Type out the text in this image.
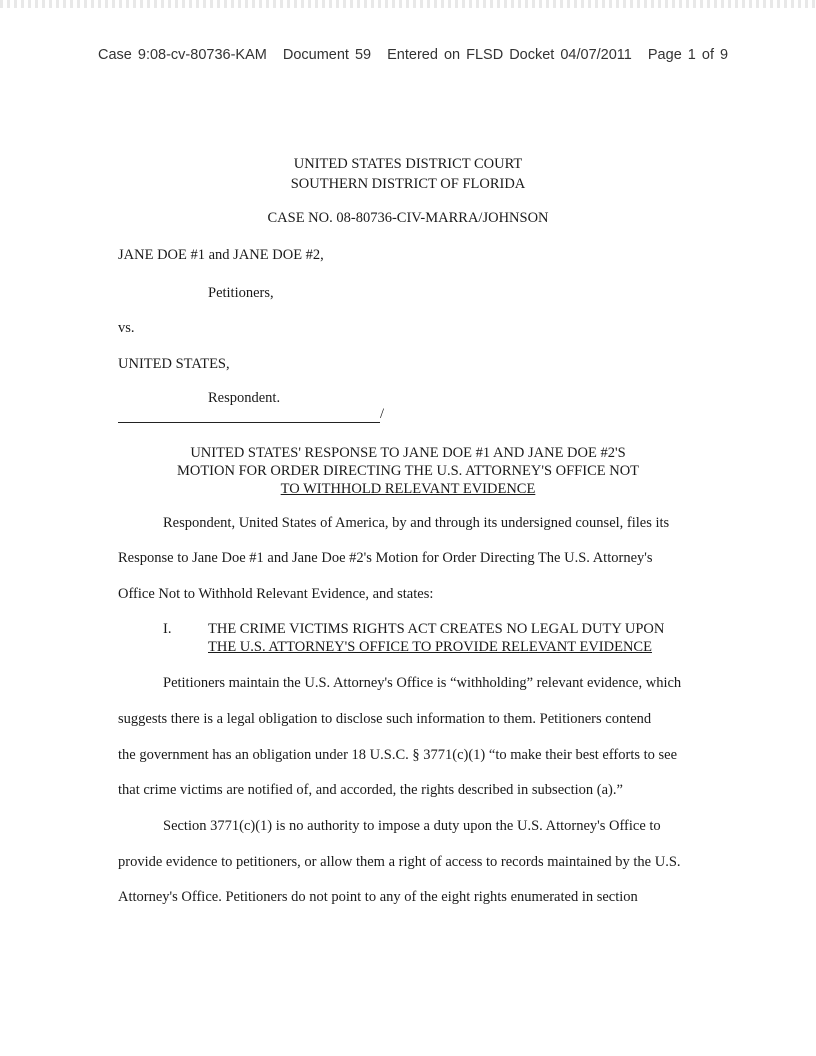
Case 9:08-cv-80736-KAM Document 59 Entered on FLSD Docket 04/07/2011 Page 1 of 9
UNITED STATES DISTRICT COURT
SOUTHERN DISTRICT OF FLORIDA
CASE NO. 08-80736-CIV-MARRA/JOHNSON
JANE DOE #1 and JANE DOE #2,
Petitioners,
vs.
UNITED STATES,
Respondent.
/
UNITED STATES' RESPONSE TO JANE DOE #1 AND JANE DOE #2'S
MOTION FOR ORDER DIRECTING THE U.S. ATTORNEY'S OFFICE NOT
TO WITHHOLD RELEVANT EVIDENCE
Respondent, United States of America, by and through its undersigned counsel, files its
Response to Jane Doe #1 and Jane Doe #2's Motion for Order Directing The U.S. Attorney's
Office Not to Withhold Relevant Evidence, and states:
I.	THE CRIME VICTIMS RIGHTS ACT CREATES NO LEGAL DUTY UPON
THE U.S. ATTORNEY'S OFFICE TO PROVIDE RELEVANT EVIDENCE
Petitioners maintain the U.S. Attorney's Office is “withholding” relevant evidence, which
suggests there is a legal obligation to disclose such information to them. Petitioners contend
the government has an obligation under 18 U.S.C. § 3771(c)(1) “to make their best efforts to see
that crime victims are notified of, and accorded, the rights described in subsection (a).”
Section 3771(c)(1) is no authority to impose a duty upon the U.S. Attorney's Office to
provide evidence to petitioners, or allow them a right of access to records maintained by the U.S.
Attorney's Office. Petitioners do not point to any of the eight rights enumerated in section
